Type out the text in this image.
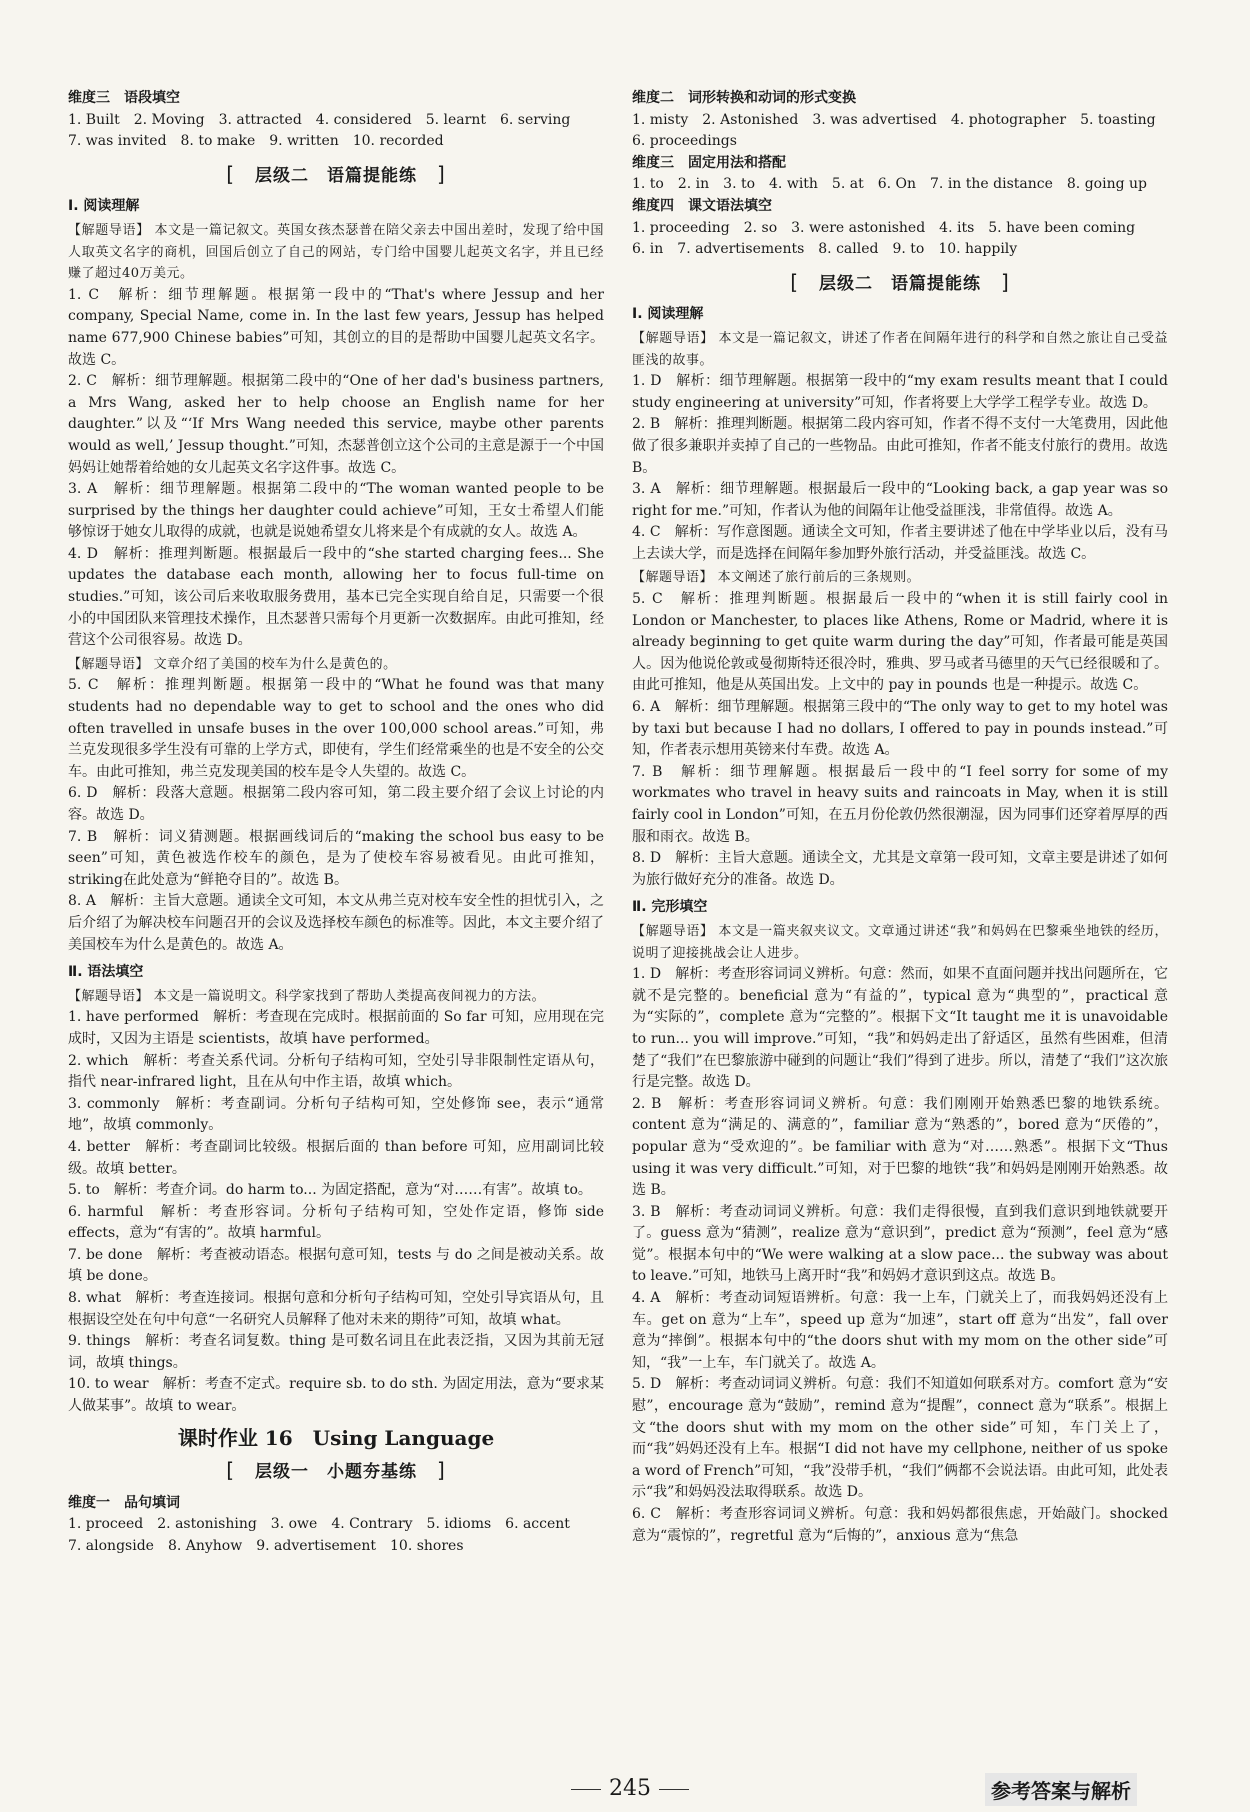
维度三　语段填空

1. Built　2. Moving　3. attracted　4. considered　5. learnt　6. serving

7. was invited　8. to make　9. written　10. recorded

[ 层级二　语篇提能练 ]

Ⅰ. 阅读理解

【解题导语】 本文是一篇记叙文。英国女孩杰瑟普在陪父亲去中国出差时，发现了给中国人取英文名字的商机，回国后创立了自己的网站，专门给中国婴儿起英文名字，并且已经赚了超过40万美元。

1. C　解析：细节理解题。根据第一段中的“That's where Jessup and her company, Special Name, come in. In the last few years, Jessup has helped name 677,900 Chinese babies”可知，其创立的目的是帮助中国婴儿起英文名字。故选 C。

2. C　解析：细节理解题。根据第二段中的“One of her dad's business partners, a Mrs Wang, asked her to help choose an English name for her daughter.”以及“‘If Mrs Wang needed this service, maybe other parents would as well,’ Jessup thought.”可知，杰瑟普创立这个公司的主意是源于一个中国妈妈让她帮着给她的女儿起英文名字这件事。故选 C。

3. A　解析：细节理解题。根据第二段中的“The woman wanted people to be surprised by the things her daughter could achieve”可知，王女士希望人们能够惊讶于她女儿取得的成就，也就是说她希望女儿将来是个有成就的女人。故选 A。

4. D　解析：推理判断题。根据最后一段中的“she started charging fees... She updates the database each month, allowing her to focus full-time on studies.”可知，该公司后来收取服务费用，基本已完全实现自给自足，只需要一个很小的中国团队来管理技术操作，且杰瑟普只需每个月更新一次数据库。由此可推知，经营这个公司很容易。故选 D。

【解题导语】 文章介绍了美国的校车为什么是黄色的。

5. C　解析：推理判断题。根据第一段中的“What he found was that many students had no dependable way to get to school and the ones who did often travelled in unsafe buses in the over 100,000 school areas.”可知，弗兰克发现很多学生没有可靠的上学方式，即使有，学生们经常乘坐的也是不安全的公交车。由此可推知，弗兰克发现美国的校车是令人失望的。故选 C。

6. D　解析：段落大意题。根据第二段内容可知，第二段主要介绍了会议上讨论的内容。故选 D。

7. B　解析：词义猜测题。根据画线词后的“making the school bus easy to be seen”可知，黄色被选作校车的颜色，是为了使校车容易被看见。由此可推知，striking在此处意为“鲜艳夺目的”。故选 B。

8. A　解析：主旨大意题。通读全文可知，本文从弗兰克对校车安全性的担忧引入，之后介绍了为解决校车问题召开的会议及选择校车颜色的标准等。因此，本文主要介绍了美国校车为什么是黄色的。故选 A。

Ⅱ. 语法填空

【解题导语】 本文是一篇说明文。科学家找到了帮助人类提高夜间视力的方法。

1. have performed　解析：考查现在完成时。根据前面的 So far 可知，应用现在完成时，又因为主语是 scientists，故填 have performed。

2. which　解析：考查关系代词。分析句子结构可知，空处引导非限制性定语从句，指代 near-infrared light，且在从句中作主语，故填 which。

3. commonly　解析：考查副词。分析句子结构可知，空处修饰 see，表示“通常地”，故填 commonly。

4. better　解析：考查副词比较级。根据后面的 than before 可知，应用副词比较级。故填 better。

5. to　解析：考查介词。do harm to... 为固定搭配，意为“对……有害”。故填 to。

6. harmful　解析：考查形容词。分析句子结构可知，空处作定语，修饰 side effects，意为“有害的”。故填 harmful。

7. be done　解析：考查被动语态。根据句意可知，tests 与 do 之间是被动关系。故填 be done。

8. what　解析：考查连接词。根据句意和分析句子结构可知，空处引导宾语从句，且根据设空处在句中句意“一名研究人员解释了他对未来的期待”可知，故填 what。

9. things　解析：考查名词复数。thing 是可数名词且在此表泛指，又因为其前无冠词，故填 things。

10. to wear　解析：考查不定式。require sb. to do sth. 为固定用法，意为“要求某人做某事”。故填 to wear。

课时作业 16　Using Language
[ 层级一　小题夯基练 ]

维度一　品句填词

1. proceed　2. astonishing　3. owe　4. Contrary　5. idioms　6. accent

7. alongside　8. Anyhow　9. advertisement　10. shores

维度二　词形转换和动词的形式变换

1. misty　2. Astonished　3. was advertised　4. photographer　5. toasting

6. proceedings

维度三　固定用法和搭配

1. to　2. in　3. to　4. with　5. at　6. On　7. in the distance　8. going up

维度四　课文语法填空

1. proceeding　2. so　3. were astonished　4. its　5. have been coming

6. in　7. advertisements　8. called　9. to　10. happily

[ 层级二　语篇提能练 ]

Ⅰ. 阅读理解

【解题导语】 本文是一篇记叙文，讲述了作者在间隔年进行的科学和自然之旅让自己受益匪浅的故事。

1. D　解析：细节理解题。根据第一段中的“my exam results meant that I could study engineering at university”可知，作者将要上大学学工程学专业。故选 D。

2. B　解析：推理判断题。根据第二段内容可知，作者不得不支付一大笔费用，因此他做了很多兼职并卖掉了自己的一些物品。由此可推知，作者不能支付旅行的费用。故选 B。

3. A　解析：细节理解题。根据最后一段中的“Looking back, a gap year was so right for me.”可知，作者认为他的间隔年让他受益匪浅，非常值得。故选 A。

4. C　解析：写作意图题。通读全文可知，作者主要讲述了他在中学毕业以后，没有马上去读大学，而是选择在间隔年参加野外旅行活动，并受益匪浅。故选 C。

【解题导语】 本文阐述了旅行前后的三条规则。

5. C　解析：推理判断题。根据最后一段中的“when it is still fairly cool in London or Manchester, to places like Athens, Rome or Madrid, where it is already beginning to get quite warm during the day”可知，作者最可能是英国人。因为他说伦敦或曼彻斯特还很冷时，雅典、罗马或者马德里的天气已经很暖和了。由此可推知，他是从英国出发。上文中的 pay in pounds 也是一种提示。故选 C。

6. A　解析：细节理解题。根据第三段中的“The only way to get to my hotel was by taxi but because I had no dollars, I offered to pay in pounds instead.”可知，作者表示想用英镑来付车费。故选 A。

7. B　解析：细节理解题。根据最后一段中的“I feel sorry for some of my workmates who travel in heavy suits and raincoats in May, when it is still fairly cool in London”可知，在五月份伦敦仍然很潮湿，因为同事们还穿着厚厚的西服和雨衣。故选 B。

8. D　解析：主旨大意题。通读全文，尤其是文章第一段可知，文章主要是讲述了如何为旅行做好充分的准备。故选 D。

Ⅱ. 完形填空

【解题导语】 本文是一篇夹叙夹议文。文章通过讲述“我”和妈妈在巴黎乘坐地铁的经历，说明了迎接挑战会让人进步。

1. D　解析：考查形容词词义辨析。句意：然而，如果不直面问题并找出问题所在，它就不是完整的。beneficial 意为“有益的”，typical 意为“典型的”，practical 意为“实际的”，complete 意为“完整的”。根据下文“It taught me it is unavoidable to run... you will improve.”可知，“我”和妈妈走出了舒适区，虽然有些困难，但清楚了“我们”在巴黎旅游中碰到的问题让“我们”得到了进步。所以，清楚了“我们”这次旅行是完整。故选 D。

2. B　解析：考查形容词词义辨析。句意：我们刚刚开始熟悉巴黎的地铁系统。content 意为“满足的、满意的”，familiar 意为“熟悉的”，bored 意为“厌倦的”，popular 意为“受欢迎的”。be familiar with 意为“对……熟悉”。根据下文“Thus using it was very difficult.”可知，对于巴黎的地铁“我”和妈妈是刚刚开始熟悉。故选 B。

3. B　解析：考查动词词义辨析。句意：我们走得很慢，直到我们意识到地铁就要开了。guess 意为“猜测”，realize 意为“意识到”，predict 意为“预测”，feel 意为“感觉”。根据本句中的“We were walking at a slow pace... the subway was about to leave.”可知，地铁马上离开时“我”和妈妈才意识到这点。故选 B。

4. A　解析：考查动词短语辨析。句意：我一上车，门就关上了，而我妈妈还没有上车。get on 意为“上车”，speed up 意为“加速”，start off 意为“出发”，fall over 意为“摔倒”。根据本句中的“the doors shut with my mom on the other side”可知，“我”一上车，车门就关了。故选 A。

5. D　解析：考查动词词义辨析。句意：我们不知道如何联系对方。comfort 意为“安慰”，encourage 意为“鼓励”，remind 意为“提醒”，connect 意为“联系”。根据上文“the doors shut with my mom on the other side”可知，车门关上了，而“我”妈妈还没有上车。根据“I did not have my cellphone, neither of us spoke a word of French”可知，“我”没带手机，“我们”俩都不会说法语。由此可知，此处表示“我”和妈妈没法取得联系。故选 D。

6. C　解析：考查形容词词义辨析。句意：我和妈妈都很焦虑，开始敲门。shocked 意为“震惊的”，regretful 意为“后悔的”，anxious 意为“焦急

245	参考答案与解析
